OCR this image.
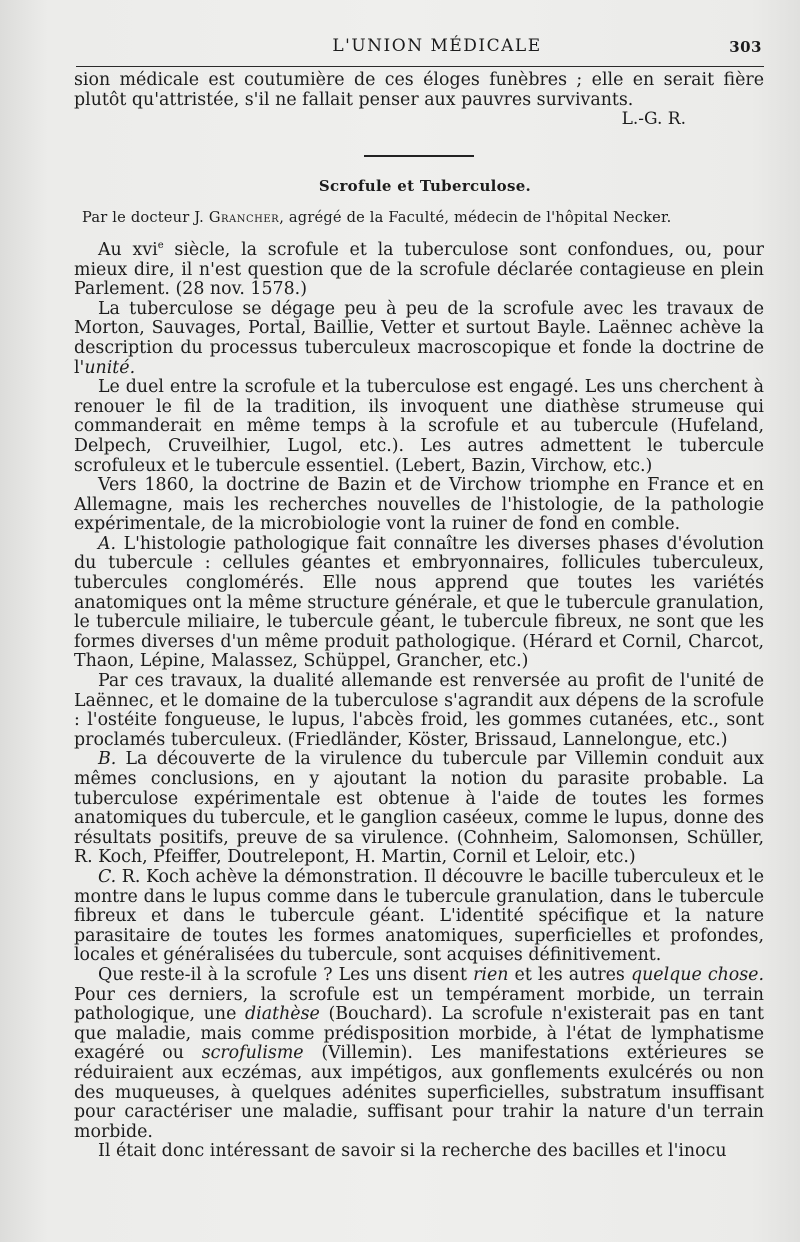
L'UNION MÉDICALE	303

sion médicale est coutumière de ces éloges funèbres ; elle en serait fière plutôt qu'attristée, s'il ne fallait penser aux pauvres survivants.

L.-G. R.
Scrofule et Tuberculose.
Par le docteur J. Grancher, agrégé de la Faculté, médecin de l'hôpital Necker.

Au xvi$^e$ siècle, la scrofule et la tuberculose sont confondues, ou, pour mieux dire, il n'est question que de la scrofule déclarée contagieuse en plein Parlement. (28 nov. 1578.)

La tuberculose se dégage peu à peu de la scrofule avec les travaux de Morton, Sauvages, Portal, Baillie, Vetter et surtout Bayle. Laënnec achève la description du processus tuberculeux macroscopique et fonde la doctrine de l'unité.

Le duel entre la scrofule et la tuberculose est engagé. Les uns cherchent à renouer le fil de la tradition, ils invoquent une diathèse strumeuse qui commanderait en même temps à la scrofule et au tubercule (Hufeland, Delpech, Cruveilhier, Lugol, etc.). Les autres admettent le tubercule scrofuleux et le tubercule essentiel. (Lebert, Bazin, Virchow, etc.)

Vers 1860, la doctrine de Bazin et de Virchow triomphe en France et en Allemagne, mais les recherches nouvelles de l'histologie, de la pathologie expérimentale, de la microbiologie vont la ruiner de fond en comble.

A. L'histologie pathologique fait connaître les diverses phases d'évolution du tubercule : cellules géantes et embryonnaires, follicules tuberculeux, tubercules conglomérés. Elle nous apprend que toutes les variétés anatomiques ont la même structure générale, et que le tubercule granulation, le tubercule miliaire, le tubercule géant, le tubercule fibreux, ne sont que les formes diverses d'un même produit pathologique. (Hérard et Cornil, Charcot, Thaon, Lépine, Malassez, Schüppel, Grancher, etc.)

Par ces travaux, la dualité allemande est renversée au profit de l'unité de Laënnec, et le domaine de la tuberculose s'agrandit aux dépens de la scrofule : l'ostéite fongueuse, le lupus, l'abcès froid, les gommes cutanées, etc., sont proclamés tuberculeux. (Friedländer, Köster, Brissaud, Lannelongue, etc.)

B. La découverte de la virulence du tubercule par Villemin conduit aux mêmes conclusions, en y ajoutant la notion du parasite probable. La tuberculose expérimentale est obtenue à l'aide de toutes les formes anatomiques du tubercule, et le ganglion caséeux, comme le lupus, donne des résultats positifs, preuve de sa virulence. (Cohnheim, Salomonsen, Schüller, R. Koch, Pfeiffer, Doutrelepont, H. Martin, Cornil et Leloir, etc.)

C. R. Koch achève la démonstration. Il découvre le bacille tuberculeux et le montre dans le lupus comme dans le tubercule granulation, dans le tubercule fibreux et dans le tubercule géant. L'identité spécifique et la nature parasitaire de toutes les formes anatomiques, superficielles et profondes, locales et généralisées du tubercule, sont acquises définitivement.

Que reste-il à la scrofule ? Les uns disent rien et les autres quelque chose. Pour ces derniers, la scrofule est un tempérament morbide, un terrain pathologique, une diathèse (Bouchard). La scrofule n'existerait pas en tant que maladie, mais comme prédisposition morbide, à l'état de lymphatisme exagéré ou scrofulisme (Villemin). Les manifestations extérieures se réduiraient aux eczémas, aux impétigos, aux gonflements exulcérés ou non des muqueuses, à quelques adénites superficielles, substratum insuffisant pour caractériser une maladie, suffisant pour trahir la nature d'un terrain morbide.

Il était donc intéressant de savoir si la recherche des bacilles et l'inocu
